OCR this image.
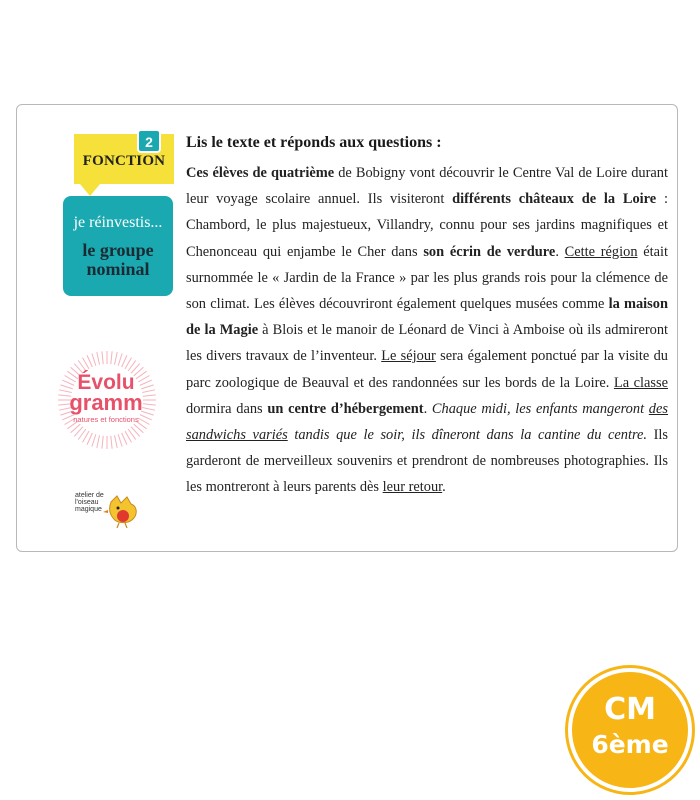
FONCTION
2
je réinvestis...
le groupe nominal
Évolu
gramm
natures et fonctions
atelier de l'oiseau magique
Lis le texte et réponds aux questions :
Ces élèves de quatrième de Bobigny vont découvrir le Centre Val de Loire durant leur voyage scolaire annuel. Ils visiteront différents châteaux de la Loire : Chambord, le plus majestueux, Villandry, connu pour ses jardins magnifiques et Chenonceau qui enjambe le Cher dans son écrin de verdure. Cette région était surnommée le « Jardin de la France » par les plus grands rois pour la clémence de son climat. Les élèves découvriront également quelques musées comme la maison de la Magie à Blois et le manoir de Léonard de Vinci à Amboise où ils admireront les divers travaux de l’inventeur. Le séjour sera également ponctué par la visite du parc zoologique de Beauval et des randonnées sur les bords de la Loire. La classe dormira dans un centre d’hébergement. Chaque midi, les enfants mangeront des sandwichs variés tandis que le soir, ils dîneront dans la cantine du centre. Ils garderont de merveilleux souvenirs et prendront de nombreuses photographies. Ils les montreront à leurs parents dès leur retour.
CM
6ème
